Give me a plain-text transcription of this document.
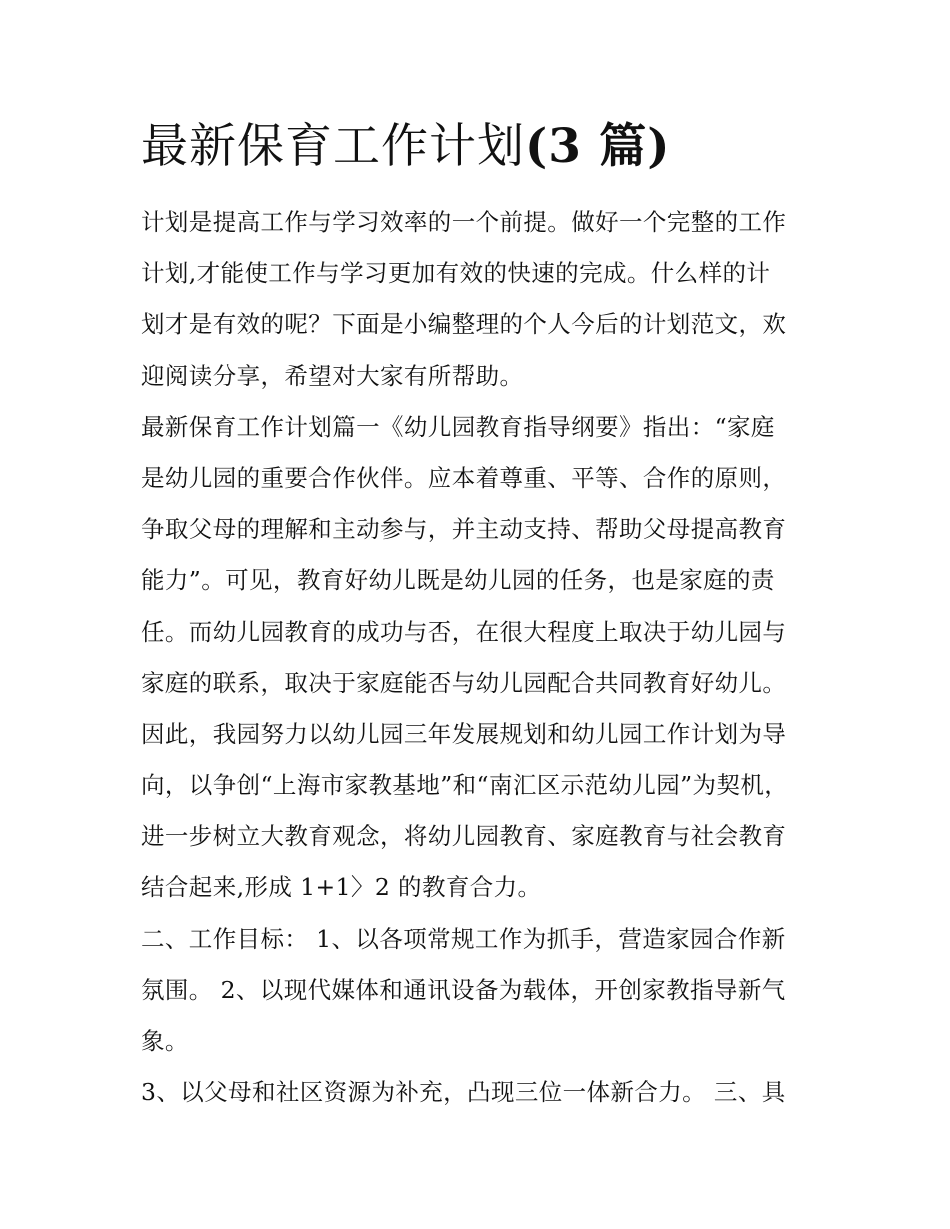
最新保育工作计划(3 篇)
计划是提高工作与学习效率的一个前提。做好一个完整的工作
计划,才能使工作与学习更加有效的快速的完成。什么样的计
划才是有效的呢？下面是小编整理的个人今后的计划范文，欢
迎阅读分享，希望对大家有所帮助。
最新保育工作计划篇一《幼儿园教育指导纲要》指出：“家庭
是幼儿园的重要合作伙伴。应本着尊重、平等、合作的原则，
争取父母的理解和主动参与，并主动支持、帮助父母提高教育
能力”。可见，教育好幼儿既是幼儿园的任务，也是家庭的责
任。而幼儿园教育的成功与否，在很大程度上取决于幼儿园与
家庭的联系，取决于家庭能否与幼儿园配合共同教育好幼儿。
因此，我园努力以幼儿园三年发展规划和幼儿园工作计划为导
向，以争创“上海市家教基地”和“南汇区示范幼儿园”为契机，
进一步树立大教育观念，将幼儿园教育、家庭教育与社会教育
结合起来,形成 1+1〉2 的教育合力。
二、工作目标： 1、以各项常规工作为抓手，营造家园合作新
氛围。 2、以现代媒体和通讯设备为载体，开创家教指导新气
象。
3、以父母和社区资源为补充，凸现三位一体新合力。 三、具
